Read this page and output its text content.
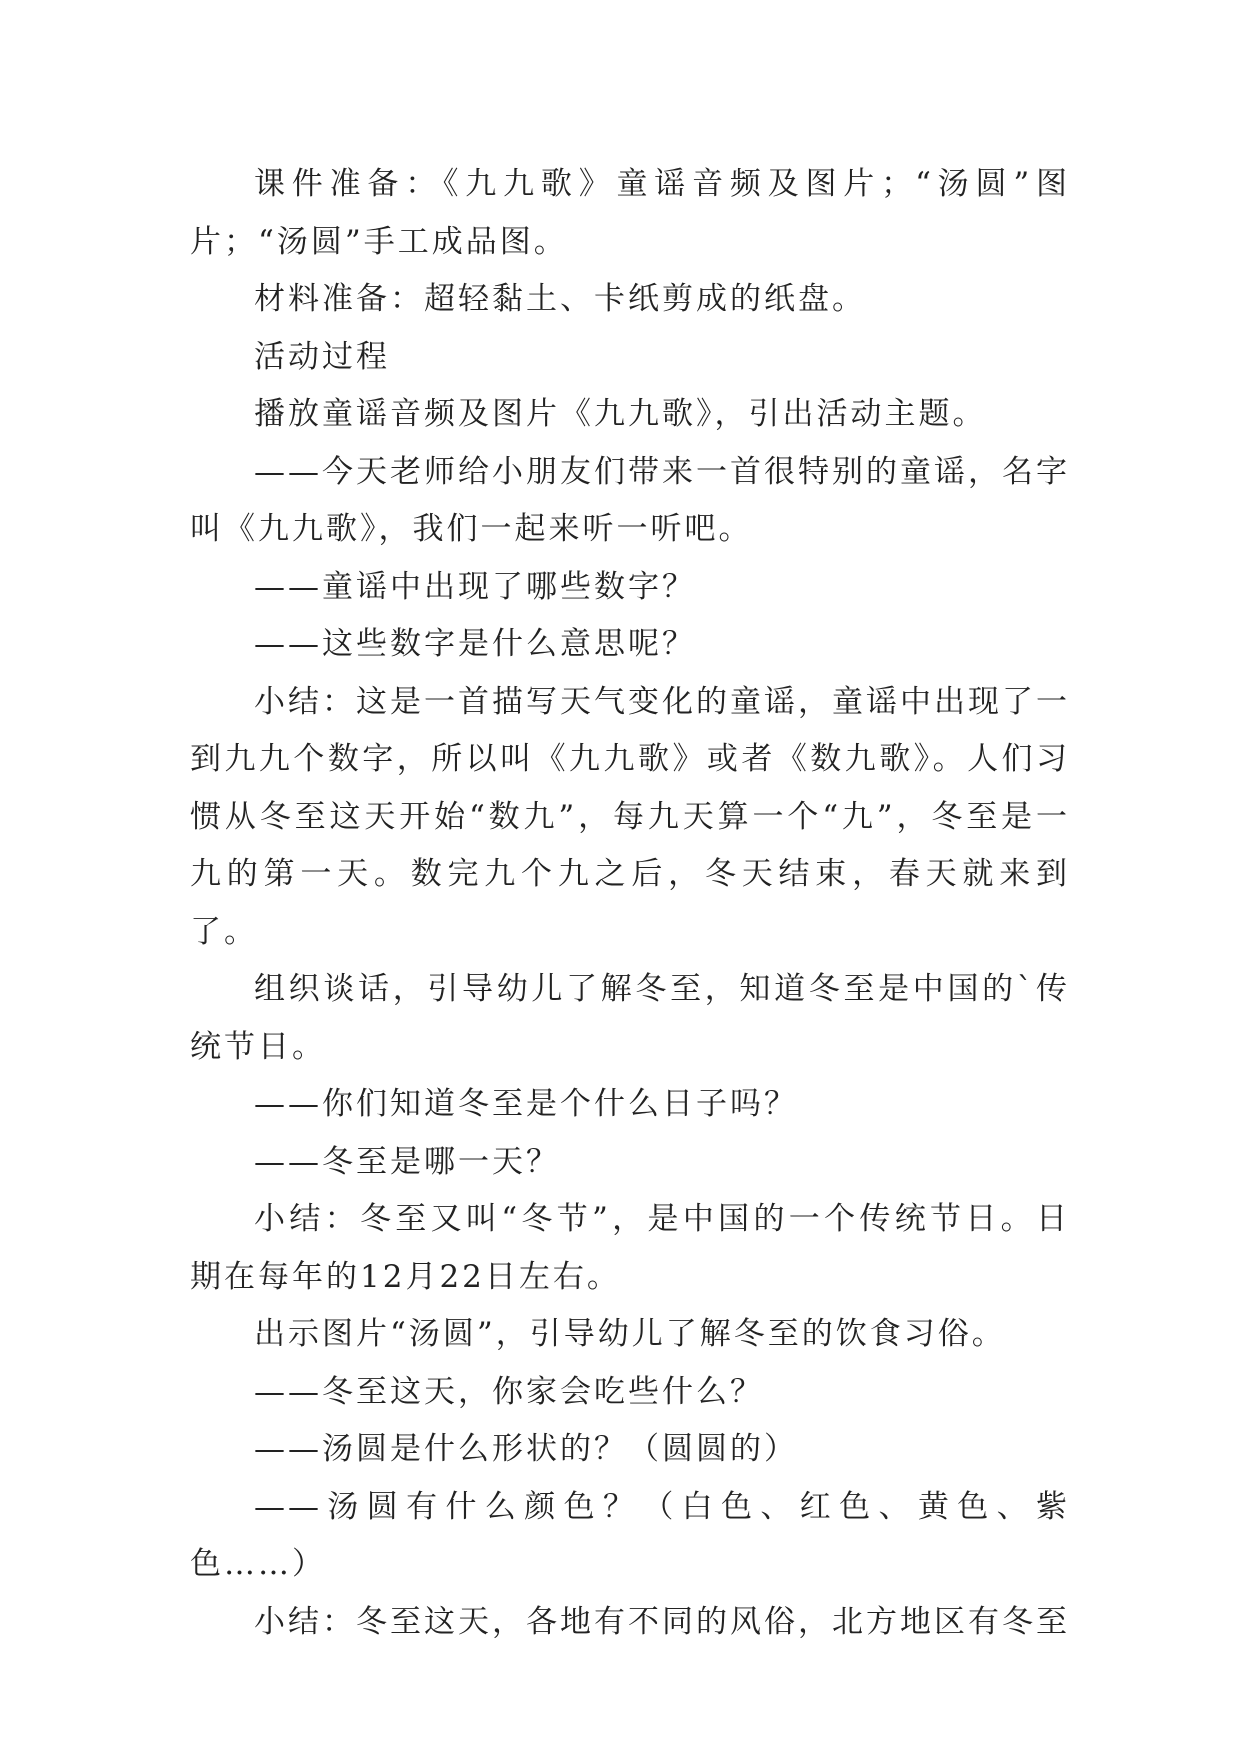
课件准备：《九九歌》童谣音频及图片；“汤圆”图片；“汤圆”手工成品图。

材料准备：超轻黏土、卡纸剪成的纸盘。

活动过程

播放童谣音频及图片《九九歌》，引出活动主题。

——今天老师给小朋友们带来一首很特别的童谣，名字叫《九九歌》，我们一起来听一听吧。

——童谣中出现了哪些数字？

——这些数字是什么意思呢？

小结：这是一首描写天气变化的童谣，童谣中出现了一到九九个数字，所以叫《九九歌》或者《数九歌》。人们习惯从冬至这天开始“数九”，每九天算一个“九”，冬至是一九的第一天。数完九个九之后，冬天结束，春天就来到了。

组织谈话，引导幼儿了解冬至，知道冬至是中国的`传统节日。

——你们知道冬至是个什么日子吗？

——冬至是哪一天？

小结：冬至又叫“冬节”，是中国的一个传统节日。日期在每年的12月22日左右。

出示图片“汤圆”，引导幼儿了解冬至的饮食习俗。

——冬至这天，你家会吃些什么？

——汤圆是什么形状的？（圆圆的）

——汤圆有什么颜色？（白色、红色、黄色、紫色……）

小结：冬至这天，各地有不同的风俗，北方地区有冬至
